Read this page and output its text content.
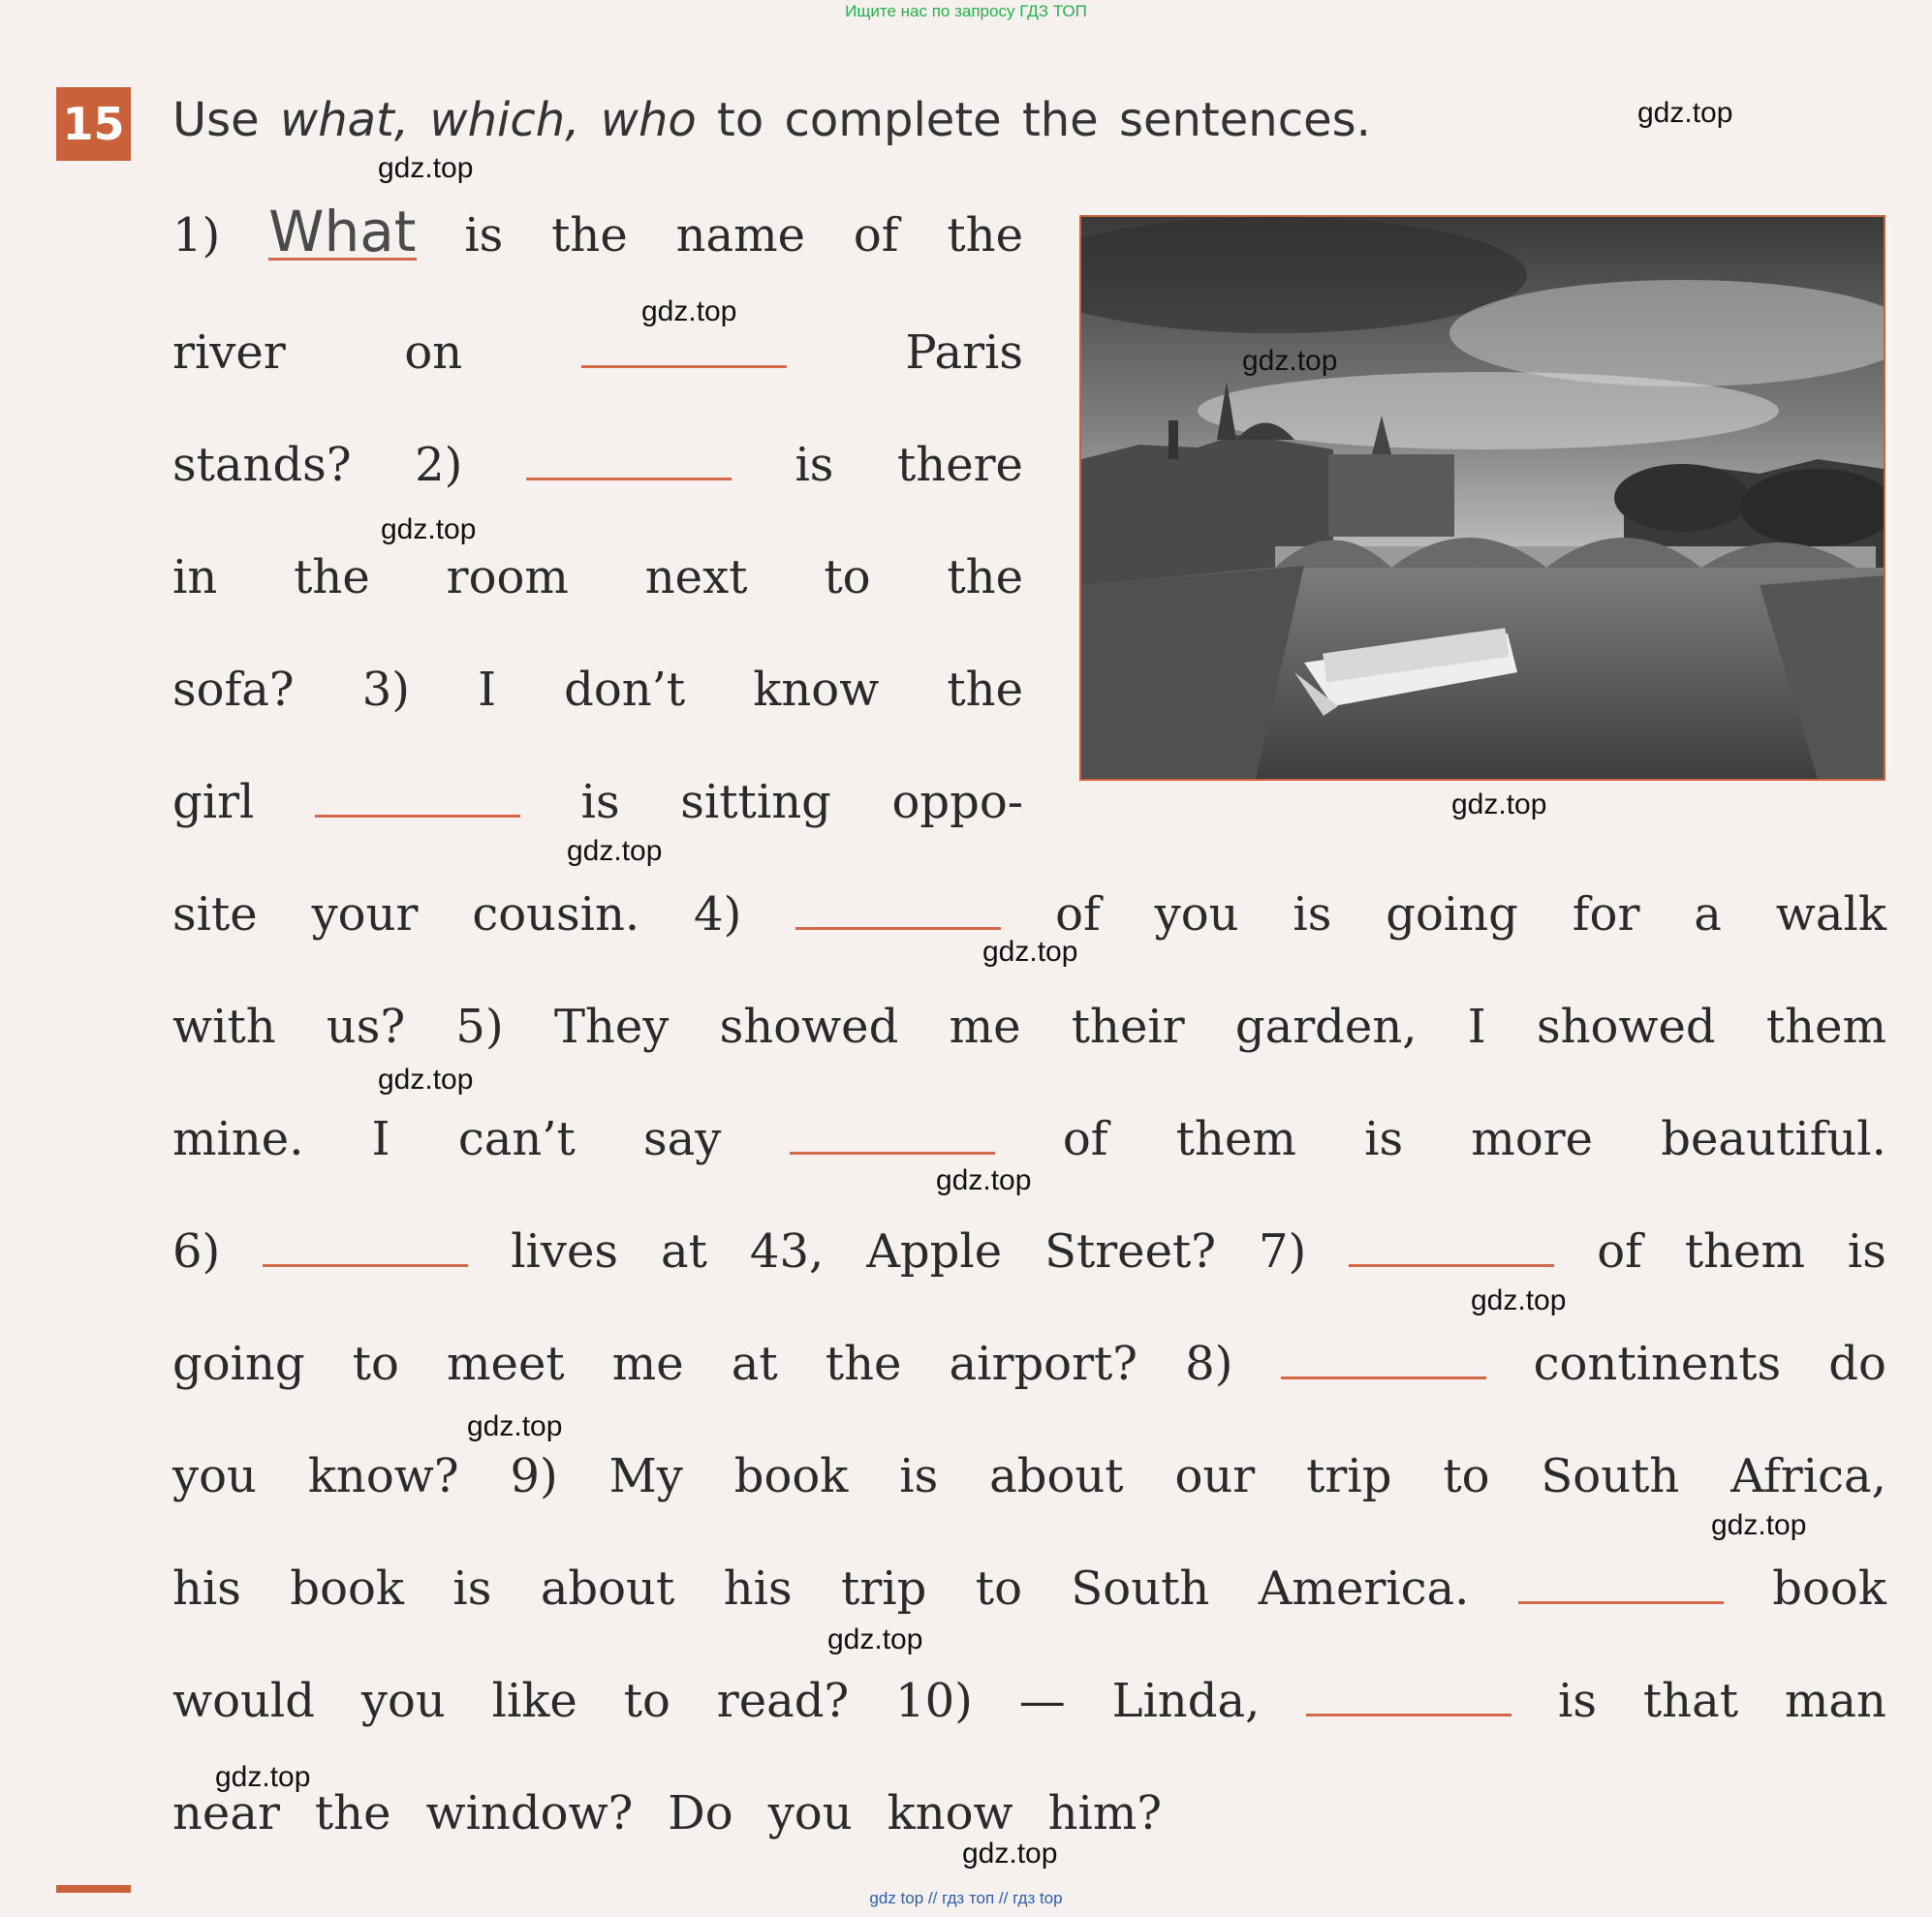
Ищите нас по запросу ГДЗ ТОП
15 Use what, which, who to complete the sentences.
1) What is the name of the
river	on	Paris
stands? 2)	is there
in the room next to the
sofa? 3) I don’t know the
girl	is sitting oppo-
site your cousin. 4)	of you is going for a walk
with us? 5) They showed me their garden, I showed them
mine. I can’t say	of them is more beautiful.
6)	lives at 43, Apple Street? 7)	of them is
going to meet me at the airport? 8)	continents do
you know? 9) My book is about our trip to South Africa,
his book is about his trip to South America.	book
would you like to read? 10) — Linda,	is that man
near the window? Do you know him?
gdz.top
gdz.top
gdz.top
gdz.top
gdz.top
gdz.top
gdz.top
gdz.top
gdz.top
gdz.top
gdz.top
gdz.top
gdz.top
gdz.top
gdz.top
gdz.top
gdz top // гдз топ // гдз top
